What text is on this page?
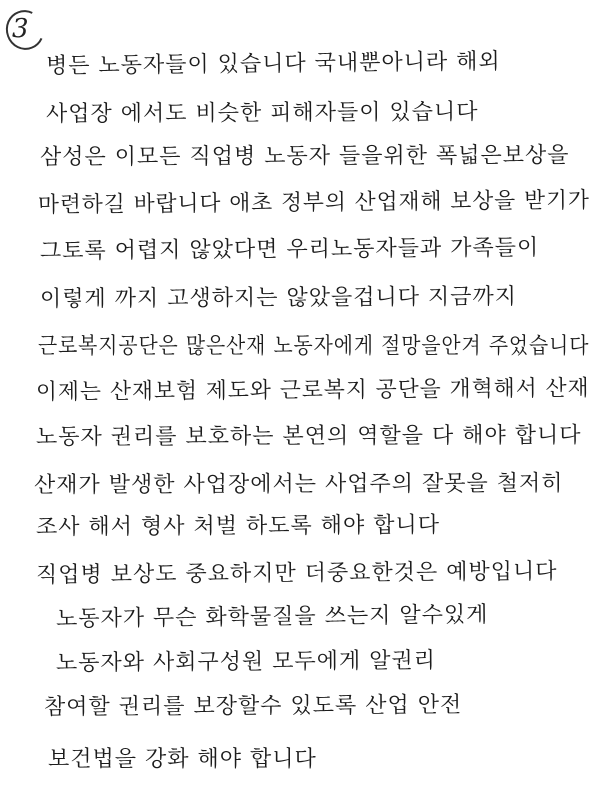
3
병든 노동자들이 있습니다 국내뿐아니라 해외
사업장 에서도 비슷한 피해자들이 있습니다
삼성은 이모든 직업병 노동자 들을위한 폭넓은보상을
마련하길 바랍니다 애초 정부의 산업재해 보상을 받기가
그토록 어렵지 않았다면 우리노동자들과 가족들이
이렇게 까지 고생하지는 않았을겁니다 지금까지
근로복지공단은 많은산재 노동자에게 절망을안겨 주었습니다
이제는 산재보험 제도와 근로복지 공단을 개혁해서 산재
노동자 권리를 보호하는 본연의 역할을 다 해야 합니다
산재가 발생한 사업장에서는 사업주의 잘못을 철저히
조사 해서 형사 처벌 하도록 해야 합니다
직업병 보상도 중요하지만 더중요한것은 예방입니다
노동자가 무슨 화학물질을 쓰는지 알수있게
노동자와 사회구성원 모두에게 알권리
참여할 권리를 보장할수 있도록 산업 안전
보건법을 강화 해야 합니다
